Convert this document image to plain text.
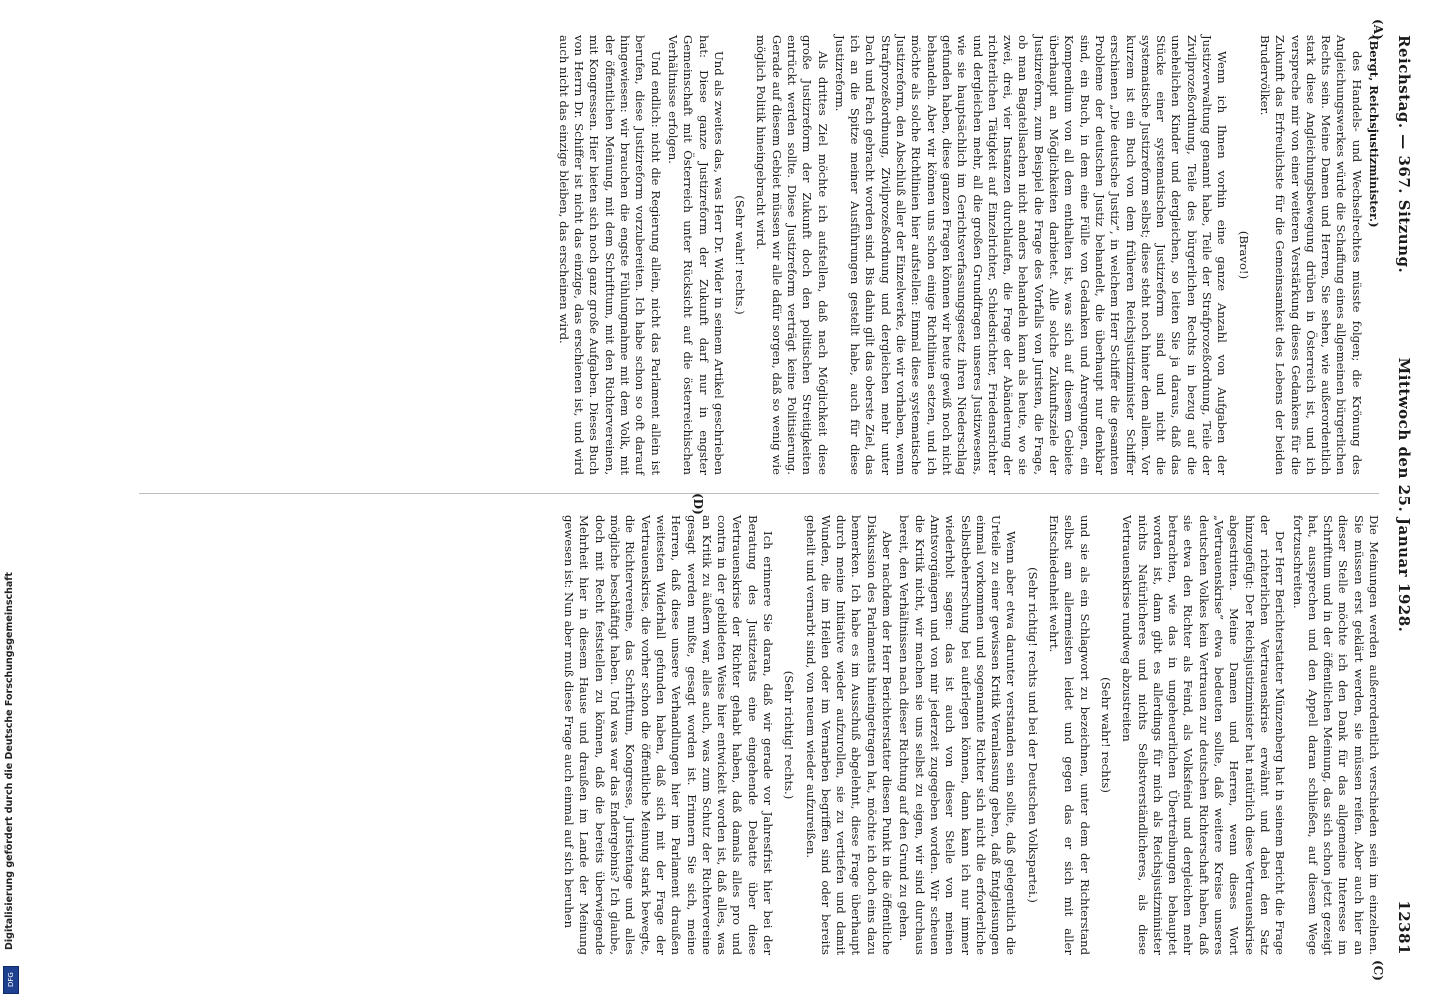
Digitalisierung gefördert durch die Deutsche Forschungsgemeinschaft
DFG
Reichstag. — 367. Sitzung.
Mittwoch den 25. Januar 1928.
12381
(A)
(C)
(D)

(Bergt, Reichsjustizminister.)

des Handels- und Wechselrechtes müsste folgen; die Krönung des Angleichungswerkes würde die Schaffung eines allgemeinen bürgerlichen Rechts sein. Meine Damen und Herren, Sie sehen, wie außerordentlich stark diese Angleichungsbewegung drüben in Österreich ist, und ich verspreche mir von einer weiteren Verstärkung dieses Gedankens für die Zukunft das Erfreulichste für die Gemeinsamkeit des Lebens der beiden Brudervölker.

(Bravo!)

Wenn ich Ihnen vorhin eine ganze Anzahl von Aufgaben der Justizverwaltung genannt habe, Teile der Strafprozeßordnung, Teile der Zivilprozeßordnung, Teile des bürgerlichen Rechts in bezug auf die unehelichen Kinder und dergleichen, so leiten Sie ja daraus, daß das Stücke einer systematischen Justizreform sind und nicht die systematische Justizreform selbst; diese steht noch hinter dem allem. Vor kurzem ist ein Buch von dem früheren Reichsjustizminister Schiffer erschienen „Die deutsche Justiz“, in welchem Herr Schiffer die gesamten Probleme der deutschen Justiz behandelt, die überhaupt nur denkbar sind, ein Buch, in dem eine Fülle von Gedanken und Anregungen, ein Kompendium von all dem enthalten ist, was sich auf diesem Gebiete überhaupt an Möglichkeiten darbietet. Alle solche Zukunftsziele der Justizreform, zum Beispiel die Frage des Vorfalls von Juristen, die Frage, ob man Bagatellsachen nicht anders behandeln kann als heute, wo sie zwei, drei, vier Instanzen durchlaufen, die Frage der Abänderung der richterlichen Tätigkeit auf Einzelrichter, Schiedsrichter, Friedensrichter und dergleichen mehr, all die großen Grundfragen unseres Justizwesens, wie sie hauptsächlich im Gerichtsverfassungsgesetz ihren Niederschlag gefunden haben, diese ganzen Fragen können wir heute gewiß noch nicht behandeln. Aber wir können uns schon einige Richtlinien setzen, und ich möchte als solche Richtlinien hier aufstellen: Einmal diese systematische Justizreform, den Abschluß aller der Einzelwerke, die wir vorhaben, wenn Strafprozeßordnung, Zivilprozeßordnung und dergleichen mehr unter Dach und Fach gebracht worden sind. Bis dahin gilt das oberste Ziel, das ich an die Spitze meiner Ausführungen gestellt habe, auch für diese Justizreform.

Als drittes Ziel möchte ich aufstellen, daß nach Möglichkeit diese große Justizreform der Zukunft doch den politischen Streitigkeiten entrückt werden sollte. Diese Justizreform verträgt keine Politisierung. Gerade auf diesem Gebiet müssen wir alle dafür sorgen, daß so wenig wie möglich Politik hineingebracht wird.

(Sehr wahr! rechts.)

Und als zweites das, was Herr Dr. Wider in seinem Artikel geschrieben hat: Diese ganze Justizreform der Zukunft darf nur in engster Gemeinschaft mit Österreich unter Rücksicht auf die österreichischen Verhältnisse erfolgen.

Und endlich: nicht die Regierung allein, nicht das Parlament allein ist berufen, diese Justizreform vorzubereiten. Ich habe schon so oft darauf hingewiesen: wir brauchen die engste Fühlungnahme mit dem Volk, mit der öffentlichen Meinung, mit dem Schrifttum, mit den Richtervereinen, mit Kongressen. Hier bieten sich noch ganz große Aufgaben. Dieses Buch von Herrn Dr. Schiffer ist nicht das einzige, das erschienen ist, und wird auch nicht das einzige bleiben, das erscheinen wird.

Die Meinungen werden außerordentlich verschieden sein im einzelnen. Sie müssen erst geklärt werden, sie müssen reifen. Aber auch hier an dieser Stelle möchte ich den Dank für das allgemeine Interesse im Schrifttum und in der öffentlichen Meinung, das sich schon jetzt gezeigt hat, aussprechen und den Appell daran schließen, auf diesem Wege fortzuschreiten.

Der Herr Berichterstatter Münzenberg hat in seinem Bericht die Frage der richterlichen Vertrauenskrise erwähnt und dabei den Satz hinzugefügt: Der Reichsjustizminister hat natürlich diese Vertrauenskrise abgestritten. Meine Damen und Herren, wenn dieses Wort „Vertrauenskrise“ etwa bedeuten sollte, daß weitere Kreise unseres deutschen Volkes kein Vertrauen zur deutschen Richterschaft haben, daß sie etwa den Richter als Feind, als Volksfeind und dergleichen mehr betrachten, wie das in ungeheuerlichen Übertreibungen behauptet worden ist, dann gibt es allerdings für mich als Reichsjustizminister nichts Natürlicheres und nichts Selbstverständlicheres, als diese Vertrauenskrise rundweg abzustreiten

(Sehr wahr! rechts)

und sie als ein Schlagwort zu bezeichnen, unter dem der Richterstand selbst am allermeisten leidet und gegen das er sich mit aller Entschiedenheit wehrt.

(Sehr richtig! rechts und bei der Deutschen Volkspartei.)

Wenn aber etwa darunter verstanden sein sollte, daß gelegentlich die Urteile zu einer gewissen Kritik Veranlassung geben, daß Entgleisungen einmal vorkommen und sogenannte Richter sich nicht die erforderliche Selbstbeherrschung bei auferlegen können, dann kann ich nur immer wiederholt sagen: das ist auch von dieser Stelle von meinen Amtsvorgängern und von mir jederzeit zugegeben worden. Wir scheuen die Kritik nicht, wir machen sie uns selbst zu eigen, wir sind durchaus bereit, den Verhältnissen nach dieser Richtung auf den Grund zu gehen.

Aber nachdem der Herr Berichterstatter diesen Punkt in die öffentliche Diskussion des Parlaments hineingetragen hat, möchte ich doch eins dazu bemerken. Ich habe es im Ausschuß abgelehnt, diese Frage überhaupt durch meine Initiative wieder aufzurollen, sie zu vertiefen und damit Wunden, die im Heilen oder im Vernarben begriffen sind oder bereits geheilt und vernarbt sind, von neuem wieder aufzureißen.

(Sehr richtig! rechts.)

Ich erinnere Sie daran, daß wir gerade vor Jahresfrist hier bei der Beratung des Justizetats eine eingehende Debatte über diese Vertrauenskrise der Richter gehabt haben, daß damals alles pro und contra in der gebildeten Weise hier entwickelt worden ist, daß alles, was an Kritik zu äußern war, alles auch, was zum Schutz der Richtervereine gesagt werden mußte, gesagt worden ist. Erinnern Sie sich, meine Herren, daß diese unsere Verhandlungen hier im Parlament draußen weitesten Widerhall gefunden haben, daß sich mit der Frage der Vertrauenskrise, die vorher schon die öffentliche Meinung stark bewegte, die Richtervereine, das Schrifttum, Kongresse, Juristentage und alles mögliche beschäftigt haben. Und was war das Endergebnis? Ich glaube, doch mit Recht feststellen zu können, daß die bereits überwiegende Mehrheit hier in diesem Hause und draußen im Lande der Meinung gewesen ist: Nun aber muß diese Frage auch einmal auf sich beruhen
